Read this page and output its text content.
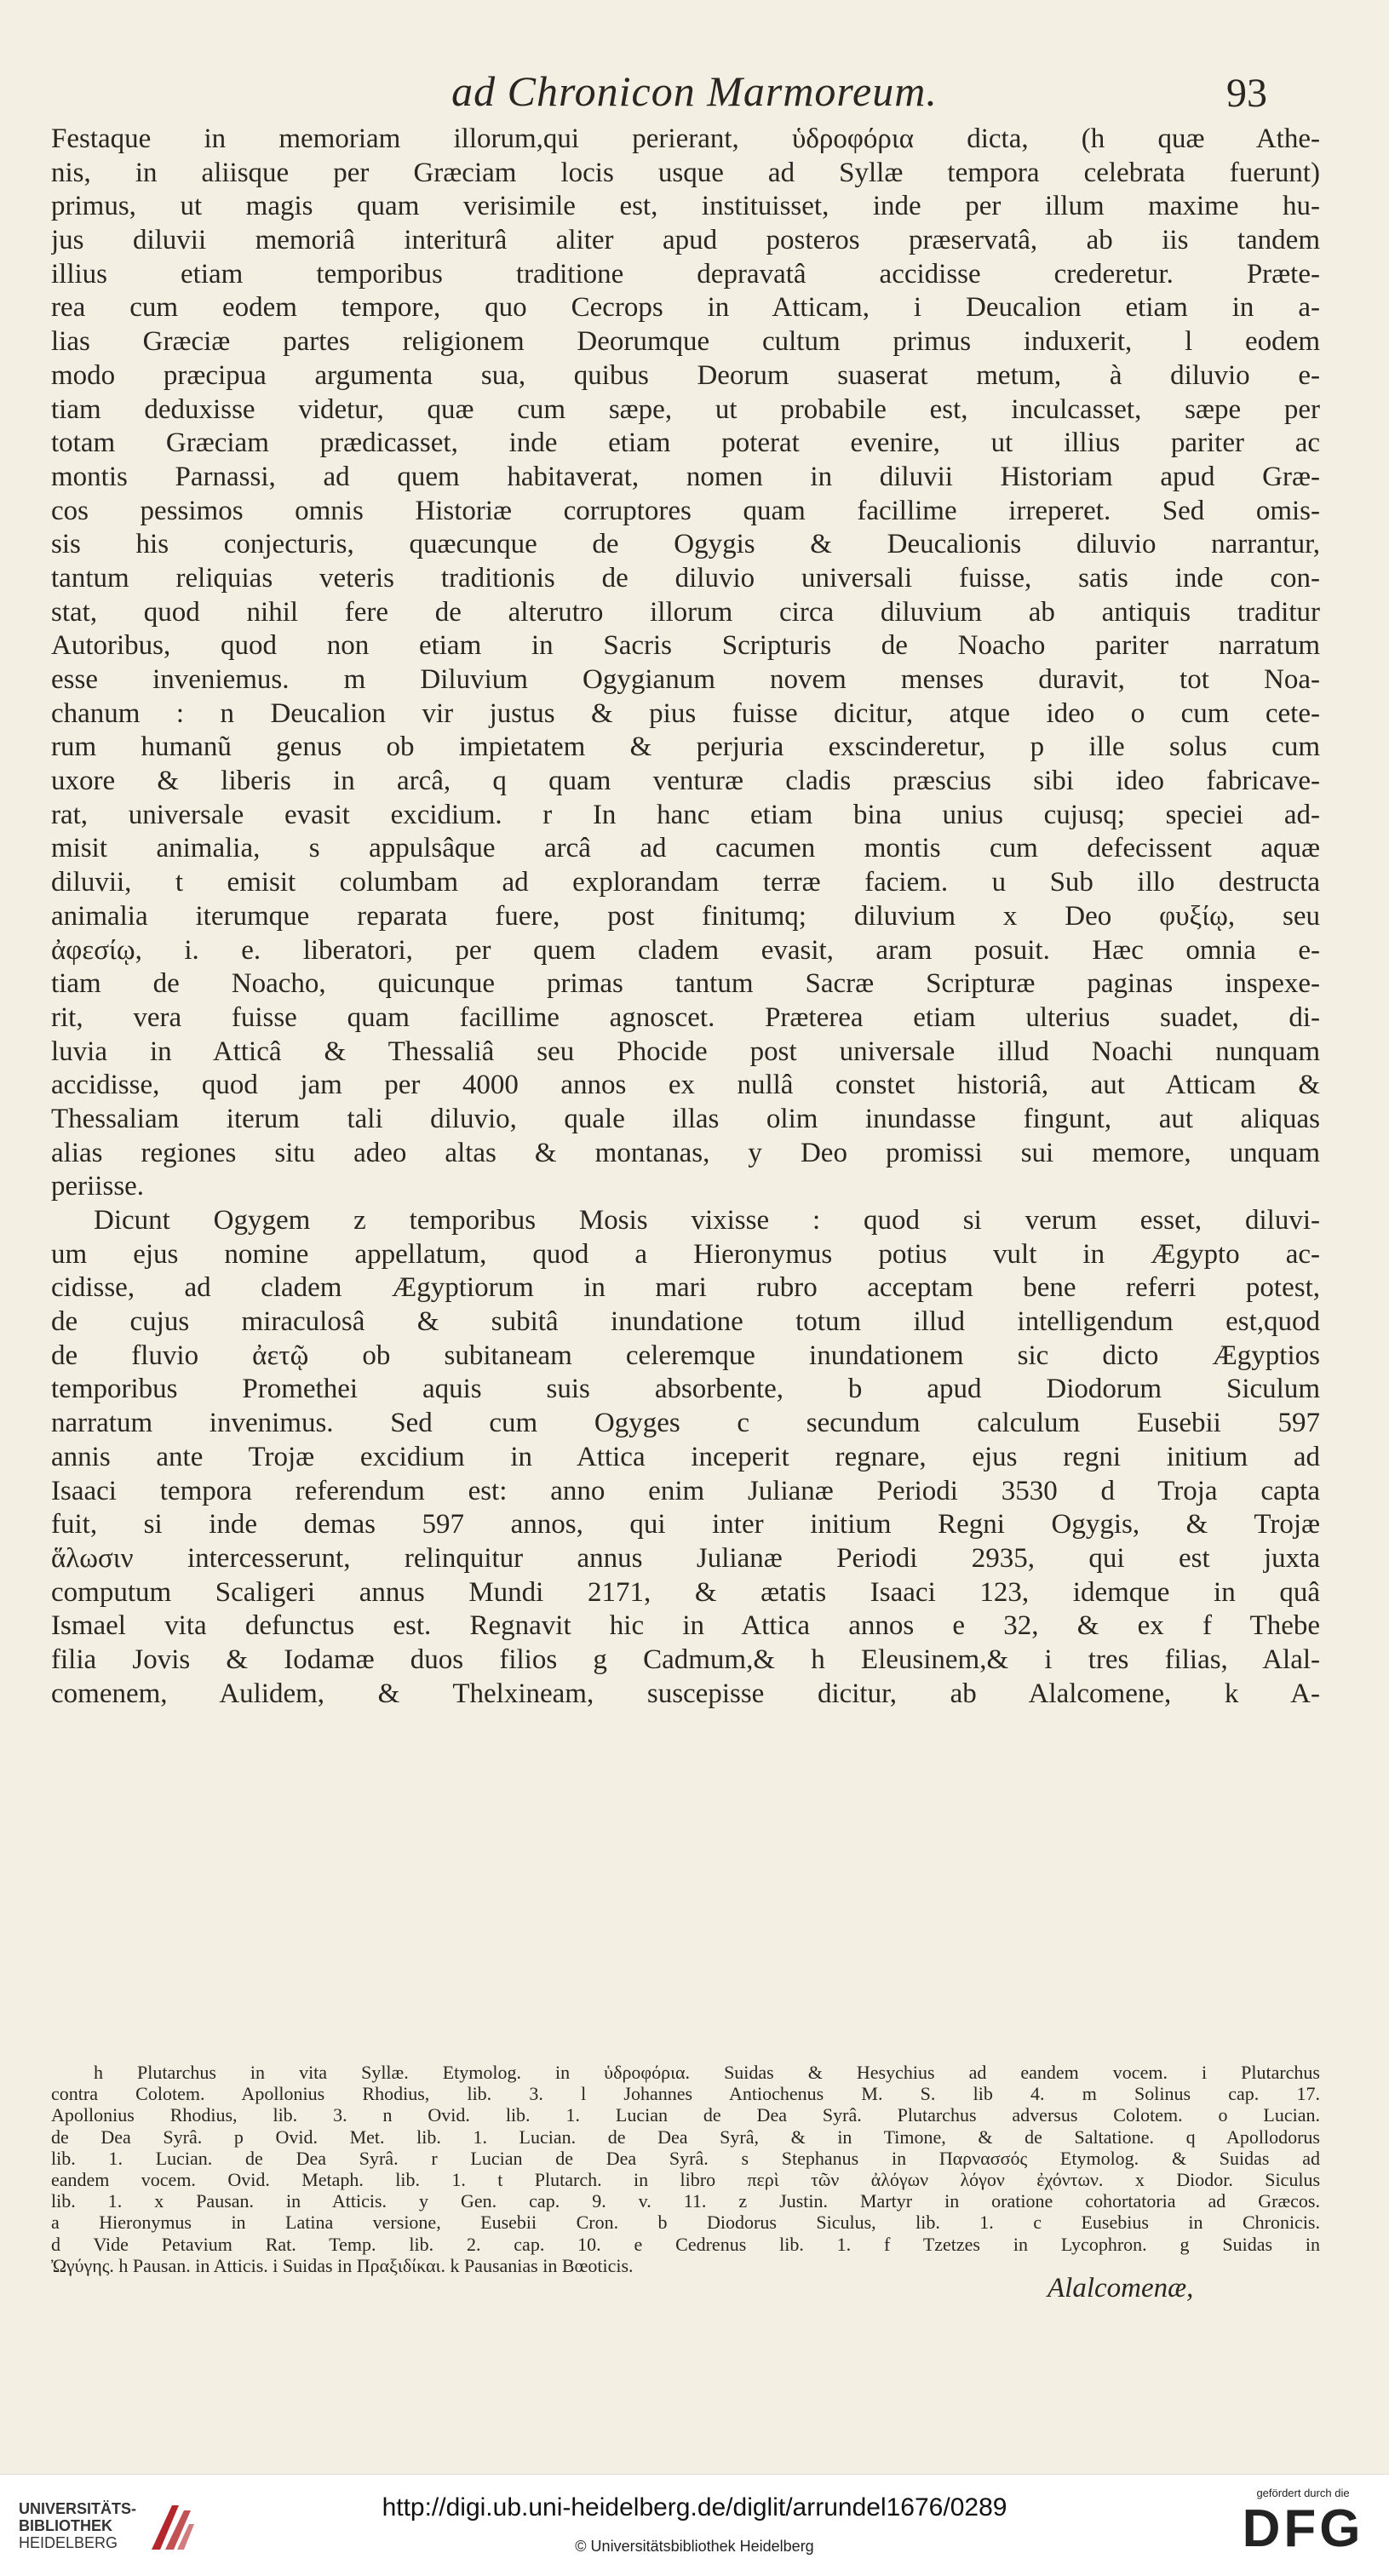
ad Chronicon Marmoreum.	93
Festaque in memoriam illorum,qui perierant, ὑδροφόρια dicta, (h quæ Athe-
nis, in aliisque per Græciam locis usque ad Syllæ tempora celebrata fuerunt)
primus, ut magis quam verisimile est, instituisset, inde per illum maxime hu-
jus diluvii memoriâ interiturâ aliter apud posteros præservatâ, ab iis tandem
illius etiam temporibus traditione depravatâ accidisse crederetur. Præte-
rea cum eodem tempore, quo Cecrops in Atticam, i Deucalion etiam in a-
lias Græciæ partes religionem Deorumque cultum primus induxerit, l eodem
modo præcipua argumenta sua, quibus Deorum suaserat metum, à diluvio e-
tiam deduxisse videtur, quæ cum sæpe, ut probabile est, inculcasset, sæpe per
totam Græciam prædicasset, inde etiam poterat evenire, ut illius pariter ac
montis Parnassi, ad quem habitaverat, nomen in diluvii Historiam apud Græ-
cos pessimos omnis Historiæ corruptores quam facillime irreperet. Sed omis-
sis his conjecturis, quæcunque de Ogygis & Deucalionis diluvio narrantur,
tantum reliquias veteris traditionis de diluvio universali fuisse, satis inde con-
stat, quod nihil fere de alterutro illorum circa diluvium ab antiquis traditur
Autoribus, quod non etiam in Sacris Scripturis de Noacho pariter narratum
esse inveniemus. m Diluvium Ogygianum novem menses duravit, tot Noa-
chanum : n Deucalion vir justus & pius fuisse dicitur, atque ideo o cum cete-
rum humanũ genus ob impietatem & perjuria exscinderetur, p ille solus cum
uxore & liberis in arcâ, q quam venturæ cladis præscius sibi ideo fabricave-
rat, universale evasit excidium. r In hanc etiam bina unius cujusq; speciei ad-
misit animalia, s appulsâque arcâ ad cacumen montis cum defecissent aquæ
diluvii, t emisit columbam ad explorandam terræ faciem. u Sub illo destructa
animalia iterumque reparata fuere, post finitumq; diluvium x Deo φυξίῳ, seu
ἀφεσίῳ, i. e. liberatori, per quem cladem evasit, aram posuit. Hæc omnia e-
tiam de Noacho, quicunque primas tantum Sacræ Scripturæ paginas inspexe-
rit, vera fuisse quam facillime agnoscet. Præterea etiam ulterius suadet, di-
luvia in Atticâ & Thessaliâ seu Phocide post universale illud Noachi nunquam
accidisse, quod jam per 4000 annos ex nullâ constet historiâ, aut Atticam &
Thessaliam iterum tali diluvio, quale illas olim inundasse fingunt, aut aliquas
alias regiones situ adeo altas & montanas, y Deo promissi sui memore, unquam
periisse.
Dicunt Ogygem z temporibus Mosis vixisse : quod si verum esset, diluvi-
um ejus nomine appellatum, quod a Hieronymus potius vult in Ægypto ac-
cidisse, ad cladem Ægyptiorum in mari rubro acceptam bene referri potest,
de cujus miraculosâ & subitâ inundatione totum illud intelligendum est,quod
de fluvio ἀετῷ ob subitaneam celeremque inundationem sic dicto Ægyptios
temporibus Promethei aquis suis absorbente, b apud Diodorum Siculum
narratum invenimus. Sed cum Ogyges c secundum calculum Eusebii 597
annis ante Trojæ excidium in Attica inceperit regnare, ejus regni initium ad
Isaaci tempora referendum est: anno enim Julianæ Periodi 3530 d Troja capta
fuit, si inde demas 597 annos, qui inter initium Regni Ogygis, & Trojæ
ἅλωσιν intercesserunt, relinquitur annus Julianæ Periodi 2935, qui est juxta
computum Scaligeri annus Mundi 2171, & ætatis Isaaci 123, idemque in quâ
Ismael vita defunctus est. Regnavit hic in Attica annos e 32, & ex f Thebe
filia Jovis & Iodamæ duos filios g Cadmum,& h Eleusinem,& i tres filias, Alal-
comenem, Aulidem, & Thelxineam, suscepisse dicitur, ab Alalcomene, k A-
h Plutarchus in vita Syllæ. Etymolog. in ὑδροφόρια. Suidas & Hesychius ad eandem vocem. i Plutarchus
contra Colotem. Apollonius Rhodius, lib. 3. l Johannes Antiochenus M. S. lib 4. m Solinus cap. 17.
Apollonius Rhodius, lib. 3. n Ovid. lib. 1. Lucian de Dea Syrâ. Plutarchus adversus Colotem. o Lucian.
de Dea Syrâ. p Ovid. Met. lib. 1. Lucian. de Dea Syrâ, & in Timone, & de Saltatione. q Apollodorus
lib. 1. Lucian. de Dea Syrâ. r Lucian de Dea Syrâ. s Stephanus in Παρνασσός Etymolog. & Suidas ad
eandem vocem. Ovid. Metaph. lib. 1. t Plutarch. in libro περὶ τῶν ἀλόγων λόγον ἐχόντων. x Diodor. Siculus
lib. 1. x Pausan. in Atticis. y Gen. cap. 9. v. 11. z Justin. Martyr in oratione cohortatoria ad Græcos.
a Hieronymus in Latina versione, Eusebii Cron. b Diodorus Siculus, lib. 1. c Eusebius in Chronicis.
d Vide Petavium Rat. Temp. lib. 2. cap. 10. e Cedrenus lib. 1. f Tzetzes in Lycophron. g Suidas in
Ὠγύγης. h Pausan. in Atticis. i Suidas in Πραξιδίκαι. k Pausanias in Bœoticis.
Alalcomenæ,
UNIVERSITÄTS-
BIBLIOTHEK
HEIDELBERG
http://digi.ub.uni-heidelberg.de/diglit/arrundel1676/0289
© Universitätsbibliothek Heidelberg
gefördert durch die
DFG
